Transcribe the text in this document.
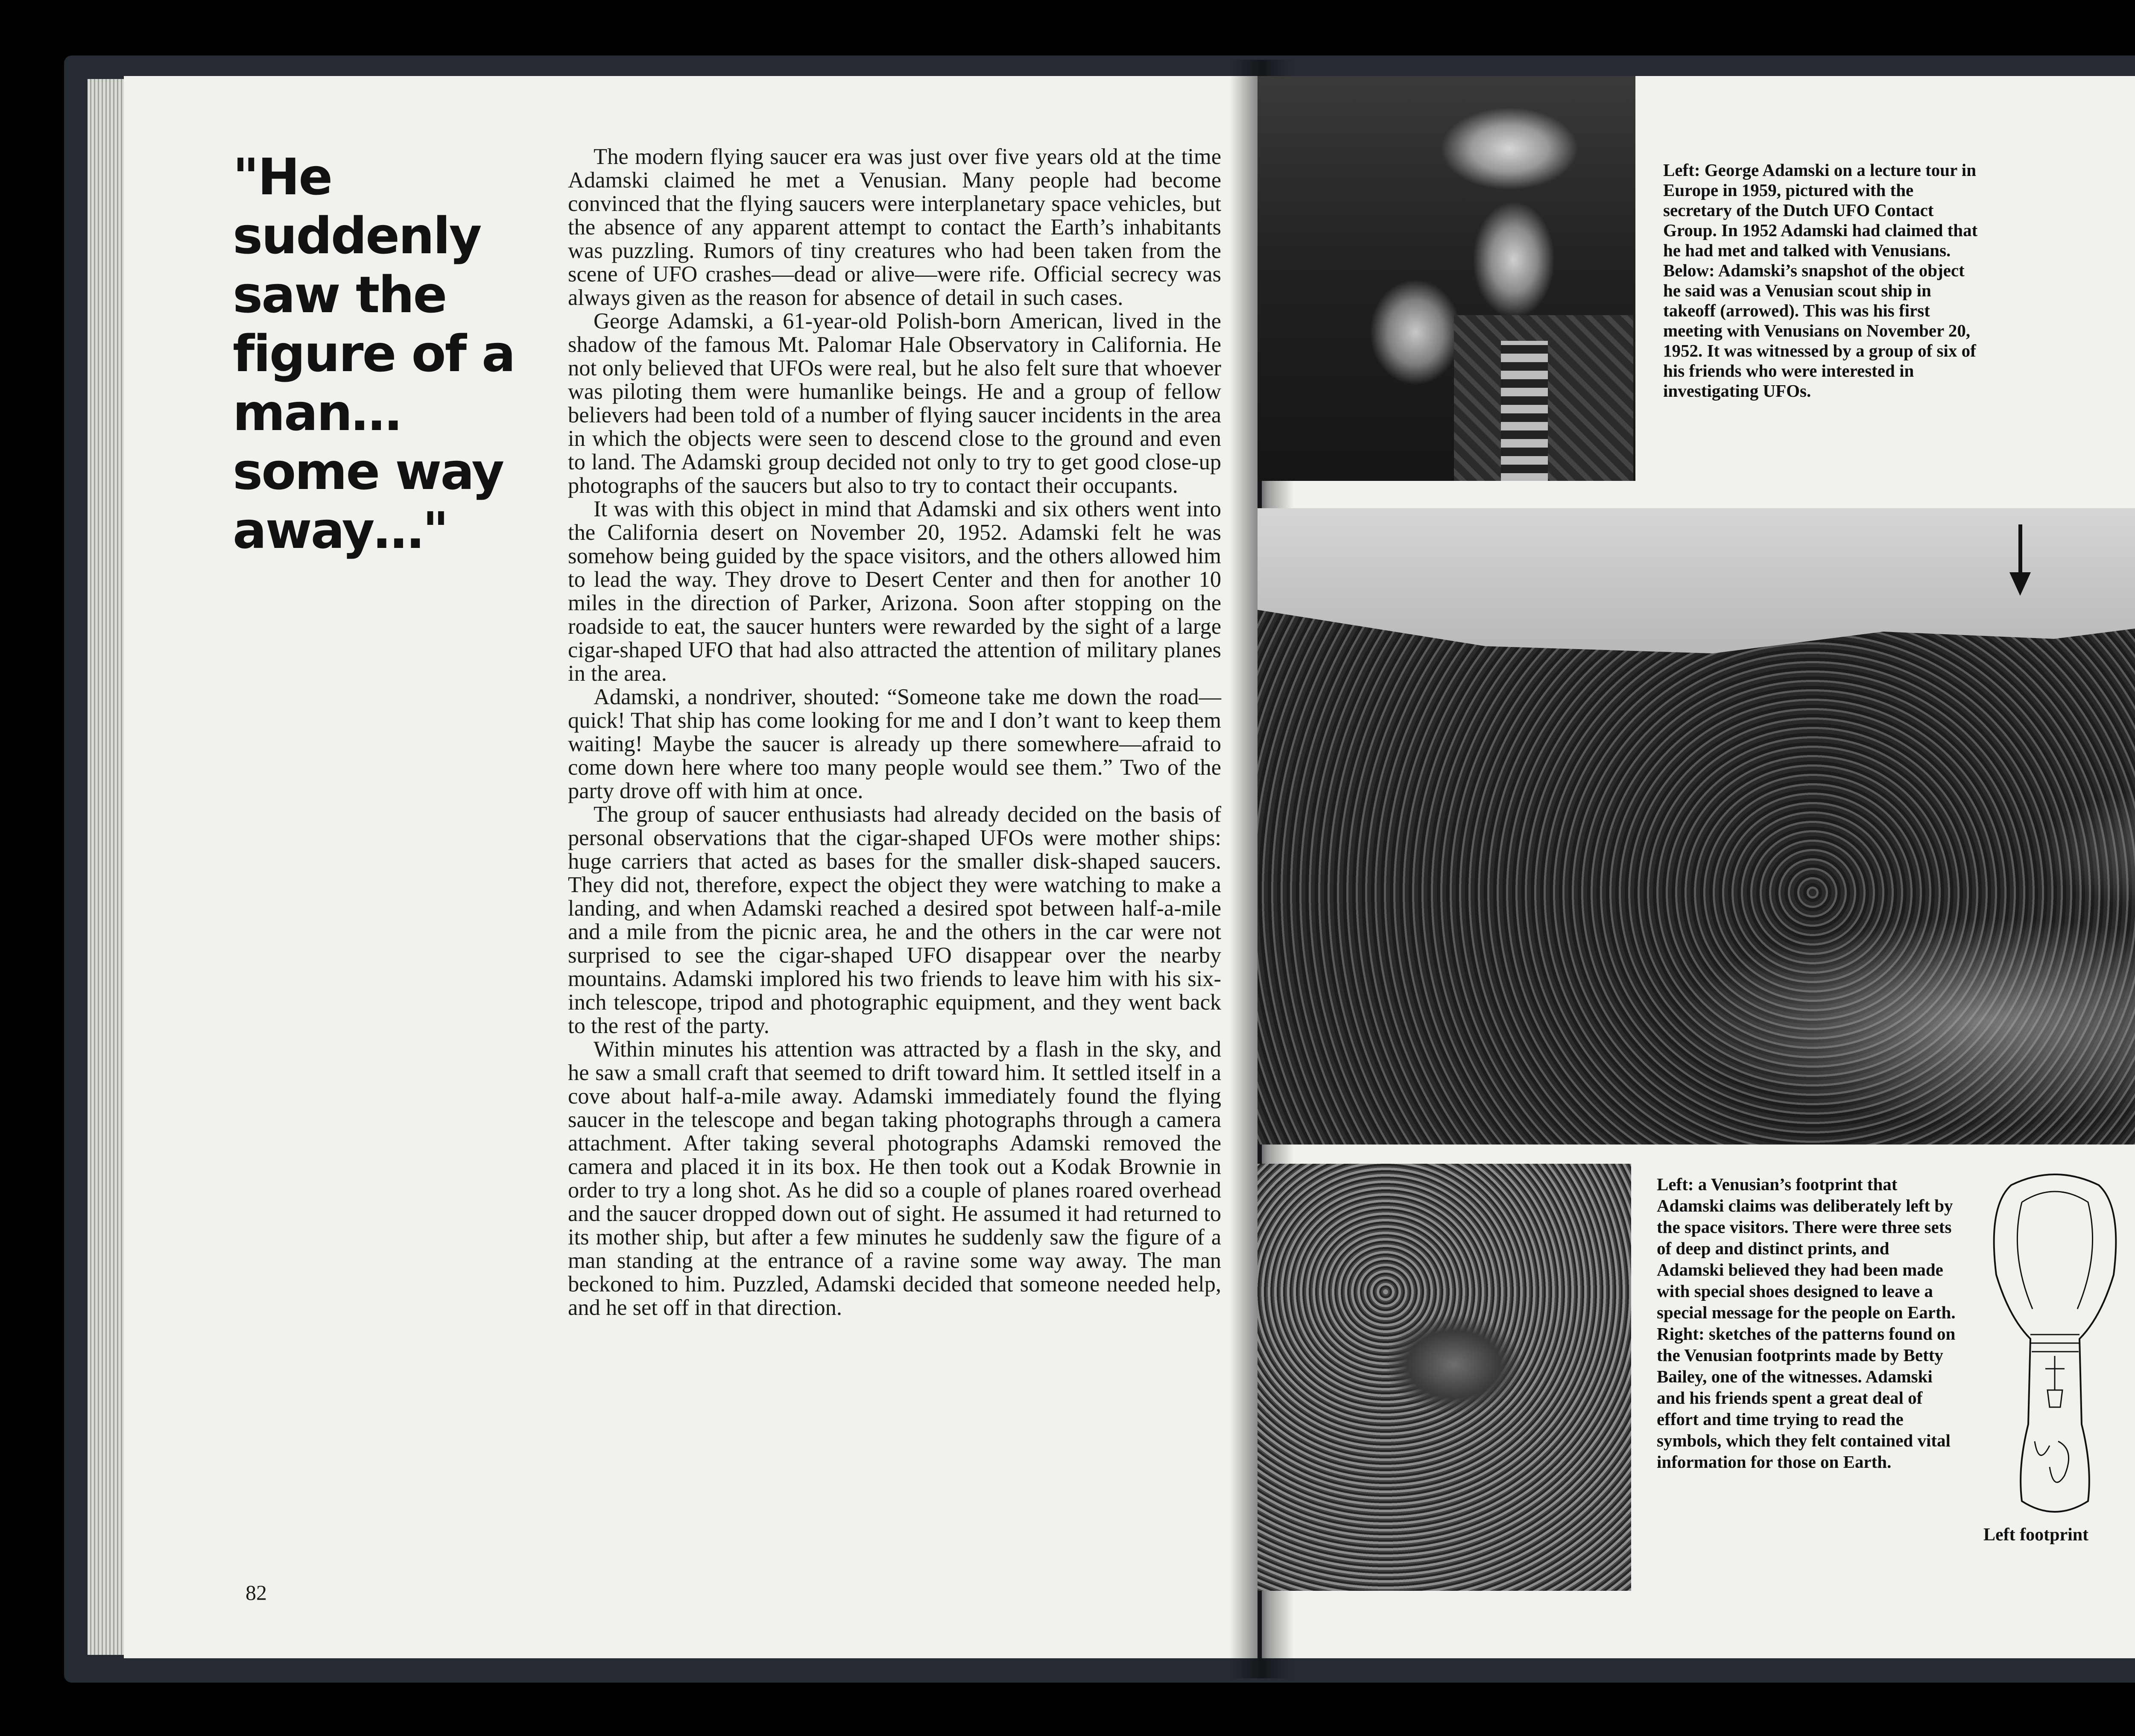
"He suddenly saw the figure of a man…some way away…"

The modern flying saucer era was just over five years old at the time Adamski claimed he met a Venusian. Many people had become convinced that the flying saucers were interplanetary space vehicles, but the absence of any apparent attempt to contact the Earth’s inhabitants was puzzling. Rumors of tiny creatures who had been taken from the scene of UFO crashes—dead or alive—were rife. Official secrecy was always given as the reason for absence of detail in such cases.

George Adamski, a 61-year-old Polish-born American, lived in the shadow of the famous Mt. Palomar Hale Observatory in California. He not only believed that UFOs were real, but he also felt sure that whoever was piloting them were humanlike beings. He and a group of fellow believers had been told of a number of flying saucer incidents in the area in which the objects were seen to descend close to the ground and even to land. The Adamski group decided not only to try to get good close-up photographs of the saucers but also to try to contact their occupants.

It was with this object in mind that Adamski and six others went into the California desert on November 20, 1952. Adamski felt he was somehow being guided by the space visitors, and the others allowed him to lead the way. They drove to Desert Center and then for another 10 miles in the direction of Parker, Arizona. Soon after stopping on the roadside to eat, the saucer hunters were rewarded by the sight of a large cigar-shaped UFO that had also attracted the attention of military planes in the area.

Adamski, a nondriver, shouted: “Someone take me down the road—quick! That ship has come looking for me and I don’t want to keep them waiting! Maybe the saucer is already up there somewhere—afraid to come down here where too many people would see them.” Two of the party drove off with him at once.

The group of saucer enthusiasts had already decided on the basis of personal observations that the cigar-shaped UFOs were mother ships: huge carriers that acted as bases for the smaller disk-shaped saucers. They did not, therefore, expect the object they were watching to make a landing, and when Adamski reached a desired spot between half-a-mile and a mile from the picnic area, he and the others in the car were not surprised to see the cigar-shaped UFO disappear over the nearby mountains. Adamski implored his two friends to leave him with his six-inch telescope, tripod and photographic equipment, and they went back to the rest of the party.

Within minutes his attention was attracted by a flash in the sky, and he saw a small craft that seemed to drift toward him. It settled itself in a cove about half-a-mile away. Adamski immediately found the flying saucer in the telescope and began taking photographs through a camera attachment. After taking several photographs Adamski removed the camera and placed it in its box. He then took out a Kodak Brownie in order to try a long shot. As he did so a couple of planes roared overhead and the saucer dropped down out of sight. He assumed it had returned to its mother ship, but after a few minutes he suddenly saw the figure of a man standing at the entrance of a ravine some way away. The man beckoned to him. Puzzled, Adamski decided that someone needed help, and he set off in that direction.

82
Left: George Adamski on a lecture tour in Europe in 1959, pictured with the secretary of the Dutch UFO Contact Group. In 1952 Adamski had claimed that he had met and talked with Venusians. Below: Adamski’s snapshot of the object he said was a Venusian scout ship in takeoff (arrowed). This was his first meeting with Venusians on November 20, 1952. It was witnessed by a group of six of his friends who were interested in investigating UFOs.
Left: a Venusian’s footprint that Adamski claims was deliberately left by the space visitors. There were three sets of deep and distinct prints, and Adamski believed they had been made with special shoes designed to leave a special message for the people on Earth. Right: sketches of the patterns found on the Venusian footprints made by Betty Bailey, one of the witnesses. Adamski and his friends spent a great deal of effort and time trying to read the symbols, which they felt contained vital information for those on Earth.
Left footprint
